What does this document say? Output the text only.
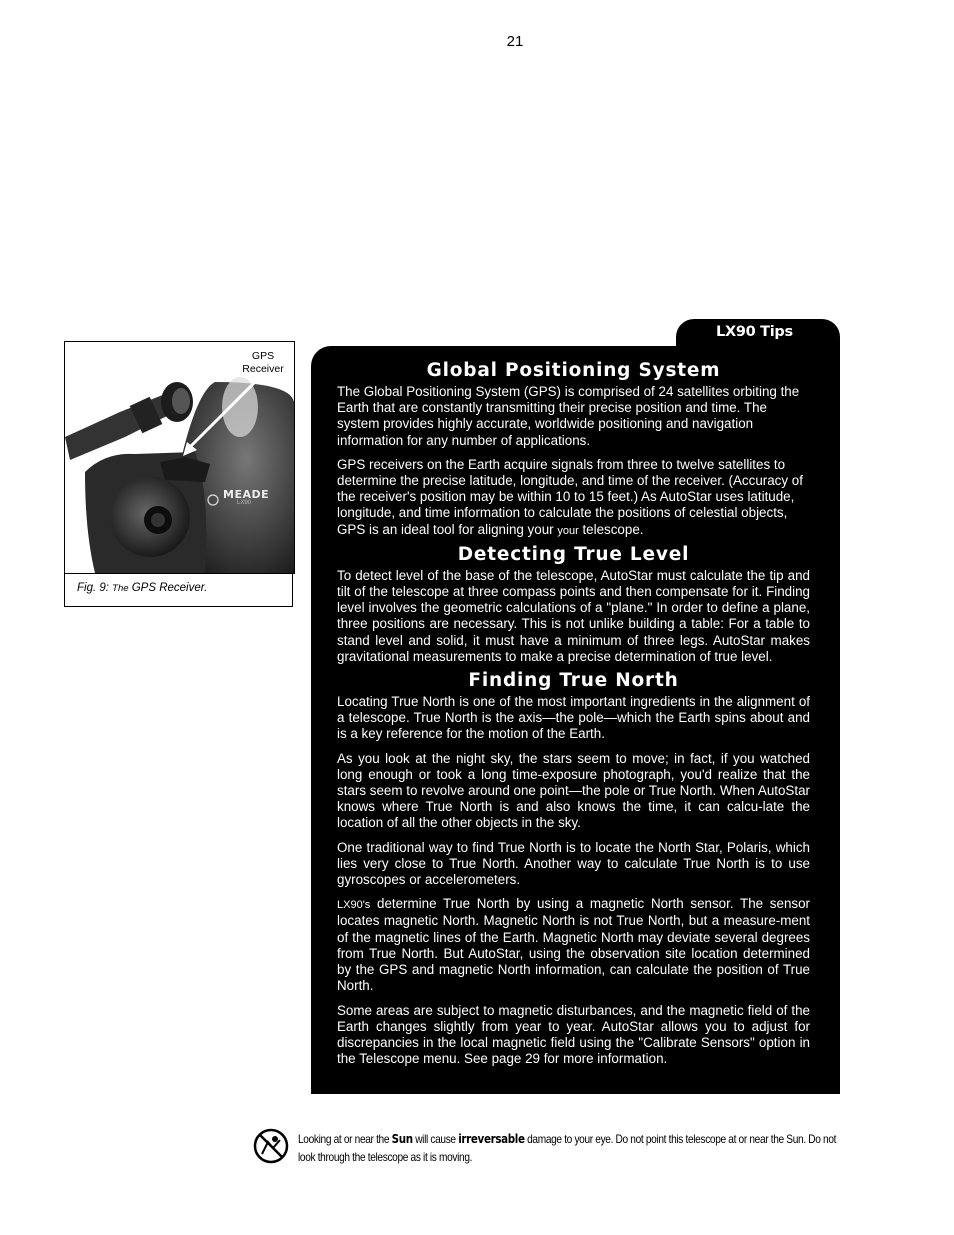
21
GPS
Receiver
MEADE
LX90
Fig. 9: The GPS Receiver.
LX90 Tips
Global Positioning System

The Global Positioning System (GPS) is comprised of 24 satellites orbiting the Earth that are constantly transmitting their precise position and time. The system provides highly accurate, worldwide positioning and navigation information for any number of applications.

GPS receivers on the Earth acquire signals from three to twelve satellites to determine the precise latitude, longitude, and time of the receiver. (Accuracy of the receiver's position may be within 10 to 15 feet.) As AutoStar uses latitude, longitude, and time information to calculate the positions of celestial objects, GPS is an ideal tool for aligning your your telescope.

Detecting True Level

To detect level of the base of the telescope, AutoStar must calculate the tip and tilt of the telescope at three compass points and then compensate for it. Finding level involves the geometric calculations of a "plane." In order to define a plane, three positions are necessary. This is not unlike building a table: For a table to stand level and solid, it must have a minimum of three legs. AutoStar makes gravitational measurements to make a precise determination of true level.

Finding True North

Locating True North is one of the most important ingredients in the alignment of a telescope. True North is the axis—the pole—which the Earth spins about and is a key reference for the motion of the Earth.

As you look at the night sky, the stars seem to move; in fact, if you watched long enough or took a long time-exposure photograph, you'd realize that the stars seem to revolve around one point—the pole or True North. When AutoStar knows where True North is and also knows the time, it can calcu-late the location of all the other objects in the sky.

One traditional way to find True North is to locate the North Star, Polaris, which lies very close to True North. Another way to calculate True North is to use gyroscopes or accelerometers.

LX90's determine True North by using a magnetic North sensor. The sensor locates magnetic North. Magnetic North is not True North, but a measure-ment of the magnetic lines of the Earth. Magnetic North may deviate several degrees from True North. But AutoStar, using the observation site location determined by the GPS and magnetic North information, can calculate the position of True North.

Some areas are subject to magnetic disturbances, and the magnetic field of the Earth changes slightly from year to year. AutoStar allows you to adjust for discrepancies in the local magnetic field using the "Calibrate Sensors" option in the Telescope menu. See page 29 for more information.

Looking at or near the Sun will cause irreversable damage to your eye. Do not point this telescope at or near the Sun. Do not look through the telescope as it is moving.
